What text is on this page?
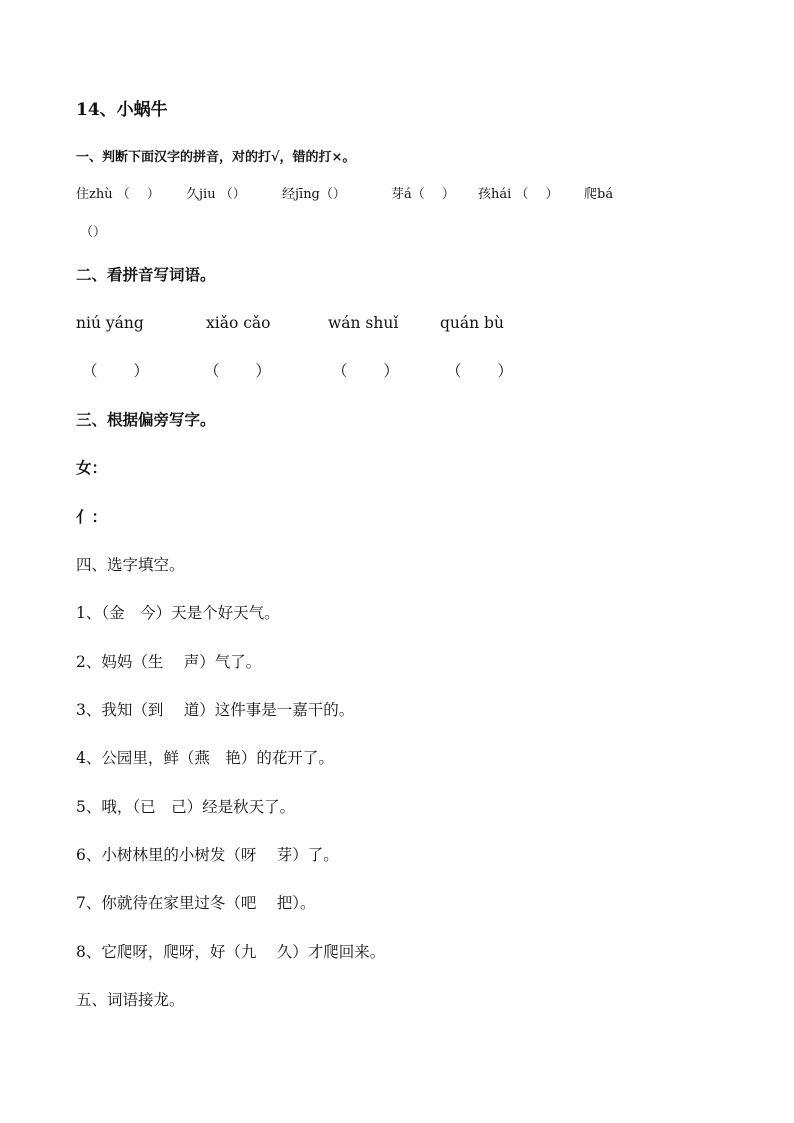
14、小蜗牛
一、判断下面汉字的拼音，对的打√，错的打×。
住zhù （　 ） 久jiu （）	经jīng（）	芽á（　 ） 孩hái （　 ） 爬bá
（）
二、看拼音写词语。
niú yáng	xiǎo cǎo	wán shuǐ	quán bù
（　　 ）	（　　 ）	（　　 ）	（　　 ）
三、根据偏旁写字。
女：
亻：
四、选字填空。
1、（金　今）天是个好天气。
2、妈妈（生　 声）气了。
3、我知（到　 道）这件事是一嘉干的。
4、公园里，鲜（燕　艳）的花开了。
5、哦，（已　己）经是秋天了。
6、小树林里的小树发（呀　 芽）了。
7、你就待在家里过冬（吧　 把）。
8、它爬呀，爬呀，好（九　 久）才爬回来。
五、词语接龙。
